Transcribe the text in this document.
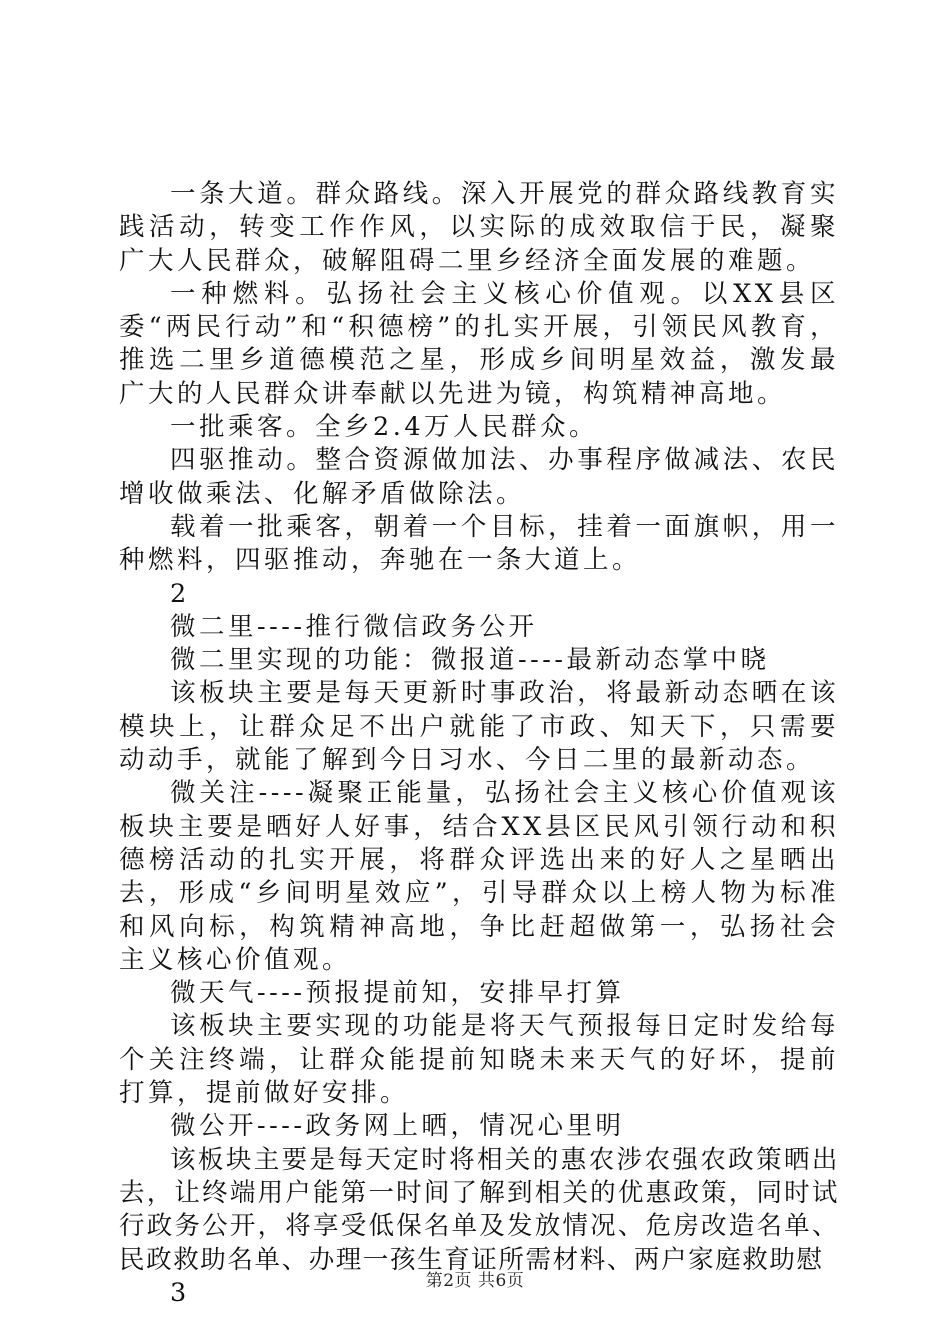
一条大道。群众路线。深入开展党的群众路线教育实践活动，转变工作作风，以实际的成效取信于民，凝聚广大人民群众，破解阻碍二里乡经济全面发展的难题。

一种燃料。弘扬社会主义核心价值观。以XX县区委“两民行动”和“积德榜”的扎实开展，引领民风教育，推选二里乡道德模范之星，形成乡间明星效益，激发最广大的人民群众讲奉献以先进为镜，构筑精神高地。

一批乘客。全乡2.4万人民群众。

四驱推动。整合资源做加法、办事程序做减法、农民增收做乘法、化解矛盾做除法。

载着一批乘客，朝着一个目标，挂着一面旗帜，用一种燃料，四驱推动，奔驰在一条大道上。

2

微二里----推行微信政务公开

微二里实现的功能：微报道----最新动态掌中晓

该板块主要是每天更新时事政治，将最新动态晒在该模块上，让群众足不出户就能了市政、知天下，只需要动动手，就能了解到今日习水、今日二里的最新动态。

微关注----凝聚正能量，弘扬社会主义核心价值观该板块主要是晒好人好事，结合XX县区民风引领行动和积德榜活动的扎实开展，将群众评选出来的好人之星晒出去，形成“乡间明星效应”，引导群众以上榜人物为标准和风向标，构筑精神高地，争比赶超做第一，弘扬社会主义核心价值观。

微天气----预报提前知，安排早打算

该板块主要实现的功能是将天气预报每日定时发给每个关注终端，让群众能提前知晓未来天气的好坏，提前打算，提前做好安排。

微公开----政务网上晒，情况心里明

该板块主要是每天定时将相关的惠农涉农强农政策晒出去，让终端用户能第一时间了解到相关的优惠政策，同时试行政务公开，将享受低保名单及发放情况、危房改造名单、民政救助名单、办理一孩生育证所需材料、两户家庭救助慰

3	第2页 共6页
